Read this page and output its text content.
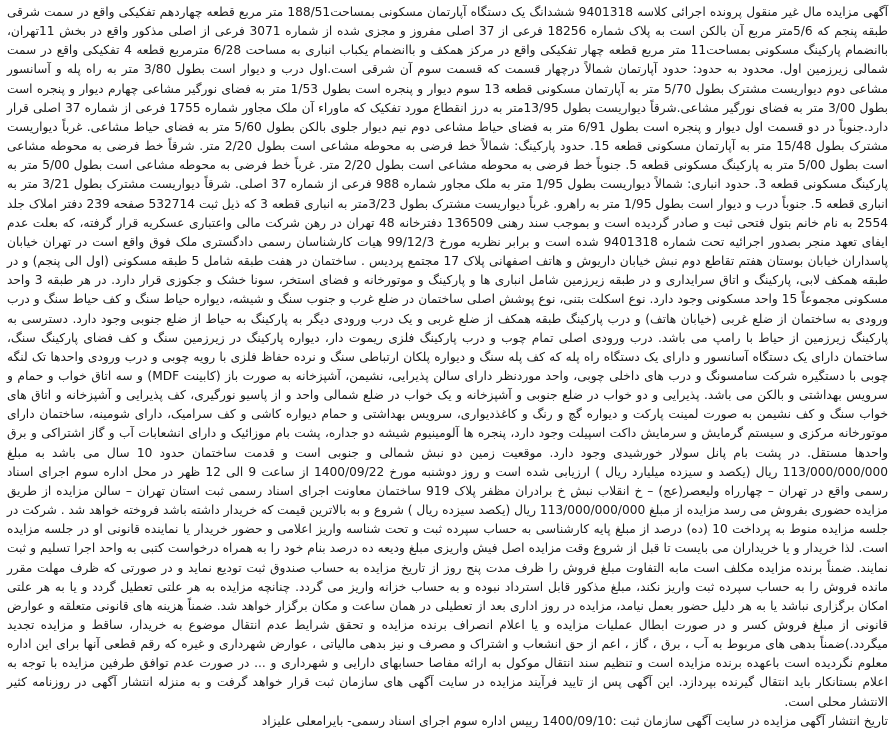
آگهی مزایده مال غیر منقول پرونده اجرائی کلاسه 9401318 ششدانگ یک دستگاه آپارتمان مسکونی بمساحت188/51 متر مربع قطعه چهاردهم تفکیکی واقع در سمت شرقی طبقه پنجم که 5/6متر مربع آن بالکن است به پلاک شماره 18256 فرعی از 37 اصلی مفروز و مجزی شده از شماره 3071 فرعی از اصلی مذکور واقع در بخش 11تهران، باانضمام پارکینگ مسکونی بمساحت11 متر مربع قطعه چهار تفکیکی واقع در مرکز همکف و باانضمام یکباب انباری به مساحت 6/28 مترمربع قطعه 4 تفکیکی واقع در سمت شمالی زیرزمین اول. محدود به حدود: حدود آپارتمان شمالاً درچهار قسمت که قسمت سوم آن شرقی است.اول درب و دیوار است بطول 3/80 متر به راه پله و آسانسور مشاعی دوم دیواریست مشترک بطول 5/70 متر به آپارتمان مسکونی قطعه 13 سوم دیوار و پنجره است بطول 1/53 متر به فضای نورگیر مشاعی چهارم دیوار و پنجره است بطول 3/00 متر به فضای نورگیر مشاعی.شرقاً دیواریست بطول 13/95متر به درز انقطاع مورد تفکیک که ماوراء آن ملک مجاور شماره 1755 فرعی از شماره 37 اصلی قرار دارد.جنوباً در دو قسمت اول دیوار و پنجره است بطول 6/91 متر به فضای حیاط مشاعی دوم نیم دیوار جلوی بالکن بطول 5/60 متر به فضای حیاط مشاعی. غرباً دیواریست مشترک بطول 15/48 متر به آپارتمان مسکونی قطعه 15. حدود پارکینگ: شمالاً خط فرضی به محوطه مشاعی است بطول 2/20 متر. شرقاً خط فرضی به محوطه مشاعی است بطول 5/00 متر به پارکینگ مسکونی قطعه 5. جنوباً خط فرضی به محوطه مشاعی است بطول 2/20 متر. غرباً خط فرضی به محوطه مشاعی است بطول 5/00 متر به پارکینگ مسکونی قطعه 3. حدود انباری: شمالاً دیواریست بطول 1/95 متر به ملک مجاور شماره 988 فرعی از شماره 37 اصلی. شرقاً دیواریست مشترک بطول 3/21 متر به انباری قطعه 5. جنوباً درب و دیوار است بطول 1/95 متر به راهرو. غرباً دیواریست مشترک بطول 3/23متر به انباری قطعه 3 که ذیل ثبت 532714 صفحه 239 دفتر املاک جلد 2554 به نام خانم بتول فتحی ثبت و صادر گردیده است و بموجب سند رهنی 136509 دفترخانه 48 تهران در رهن شرکت مالی واعتباری عسکریه قرار گرفته، که بعلت عدم ایفای تعهد منجر بصدور اجرائیه تحت شماره 9401318 شده است و برابر نظریه مورخ 99/12/3 هیات کارشناسان رسمی دادگستری ملک فوق واقع است در تهران خیابان پاسداران خیابان بوستان هفتم تقاطع دوم نبش خیابان داریوش و هاتف اصفهانی پلاک 17 مجتمع پردیس . ساختمان در هفت طبقه شامل 5 طبقه مسکونی (اول الی پنجم) و در طبقه همکف لابی، پارکینگ و اتاق سرایداری و در طبقه زیرزمین شامل انباری ها و پارکینگ و موتورخانه و فضای استخر، سونا خشک و جکوزی قرار دارد. در هر طبقه 3 واحد مسکونی مجموعاً 15 واحد مسکونی وجود دارد. نوع اسکلت بتنی، نوع پوشش اصلی ساختمان در ضلع غرب و جنوب سنگ و شیشه، دیواره حیاط سنگ و کف حیاط سنگ و درب ورودی به ساختمان از ضلع غربی (خیابان هاتف) و درب پارکینگ طبقه همکف از ضلع غربی و یک درب ورودی دیگر به پارکینگ به حیاط از ضلع جنوبی وجود دارد. دسترسی به پارکینگ زیرزمین از حیاط با رامپ می باشد. درب ورودی اصلی تمام چوب و درب پارکینگ فلزی ریموت دار، دیواره پارکینگ در زیرزمین سنگ و کف فضای پارکینگ سنگ، ساختمان دارای یک دستگاه آسانسور و دارای یک دستگاه راه پله که کف پله سنگ و دیواره پلکان ارتباطی سنگ و نرده حفاظ فلزی با رویه چوبی و درب ورودی واحدها تک لنگه چوبی با دستگیره شرکت سامسونگ و درب های داخلی چوبی، واحد موردنظر دارای سالن پذیرایی، نشیمن، آشپزخانه به صورت باز (کابینت MDF) و سه اتاق خواب و حمام و سرویس بهداشتی و بالکن می باشد. پذیرایی و دو خواب در ضلع جنوبی و آشپزخانه و یک خواب در ضلع شمالی واحد و از پاسیو نورگیری، کف پذیرایی و آشپزخانه و اتاق های خواب سنگ و کف نشیمن به صورت لمینت پارکت و دیواره گچ و رنگ و کاغذدیواری، سرویس بهداشتی و حمام دیواره کاشی و کف سرامیک، دارای شومینه، ساختمان دارای موتورخانه مرکزی و سیستم گرمایش و سرمایش داکت اسپیلت وجود دارد، پنجره ها آلومینیوم شیشه دو جداره، پشت بام موزائیک و دارای انشعابات آب و گاز اشتراکی و برق واحدها مستقل. در پشت بام پانل سولار خورشیدی وجود دارد. موقعیت زمین دو نبش شمالی و جنوبی است و قدمت ساختمان حدود 10 سال می باشد به مبلغ 113/000/000/000 ریال (یکصد و سیزده میلیارد ریال ) ارزیابی شده است و روز دوشنبه مورخ 1400/09/22 از ساعت 9 الی 12 ظهر در محل اداره سوم اجرای اسناد رسمی واقع در تهران – چهارراه ولیعصر(عج) – خ انقلاب نبش خ برادران مظفر پلاک 919 ساختمان معاونت اجرای اسناد رسمی ثبت استان تهران – سالن مزایده از طریق مزایده حضوری بفروش می رسد مزایده از مبلغ 113/000/000/000 ریال (یکصد سیزده ریال ) شروع و به بالاترین قیمت که خریدار داشته باشد فروخته خواهد شد . شرکت در جلسه مزایده منوط به پرداخت 10 (ده) درصد از مبلغ پایه کارشناسی به حساب سپرده ثبت و تحت شناسه واریز اعلامی و حضور خریدار یا نماینده قانونی او در جلسه مزایده است. لذا خریدار و یا خریداران می بایست تا قبل از شروع وقت مزایده اصل فیش واریزی مبلغ ودیعه ده درصد بنام خود را به همراه درخواست کتبی به واحد اجرا تسلیم و ثبت نمایند. ضمناً برنده مزایده مکلف است مابه التفاوت مبلغ فروش را ظرف مدت پنج روز از تاریخ مزایده به حساب صندوق ثبت تودیع نماید و در صورتی که ظرف مهلت مقرر مانده فروش را به حساب سپرده ثبت واریز نکند، مبلغ مذکور قابل استرداد نبوده و به حساب خزانه واریز می گردد. چنانچه مزایده به هر علتی تعطیل گردد و یا به هر علتی امکان برگزاری نباشد یا به هر دلیل حضور بعمل نیامد، مزایده در روز اداری بعد از تعطیلی در همان ساعت و مکان برگزار خواهد شد. ضمناً هزینه های قانونی متعلقه و عوارض قانونی از مبلغ فروش کسر و در صورت ابطال عملیات مزایده و یا اعلام انصراف برنده مزایده و تحقق شرایط عدم انتقال موضوع به خریدار، ساقط و مزایده تجدید میگردد.)ضمناً بدهی های مربوط به آب ، برق ، گاز ، اعم از حق انشعاب و اشتراک و مصرف و نیز بدهی مالیاتی ، عوارض شهرداری و غیره که رقم قطعی آنها برای این اداره معلوم نگردیده است باعهده برنده مزایده است و تنظیم سند انتقال موکول به ارائه مفاصا حسابهای دارایی و شهرداری و ... در صورت عدم توافق طرفین مزایده با توجه به اعلام بستانکار باید انتقال گیرنده بپردازد. این آگهی پس از تایید فرآیند مزایده در سایت آگهی های سازمان ثبت قرار خواهد گرفت و به منزله انتشار آگهی در روزنامه کثیر الانتشار محلی است.

تاریخ انتشار آگهی مزایده در سایت آگهی سازمان ثبت :1400/09/10 رییس اداره سوم اجرای اسناد رسمی- بایرامعلی علیزاد
